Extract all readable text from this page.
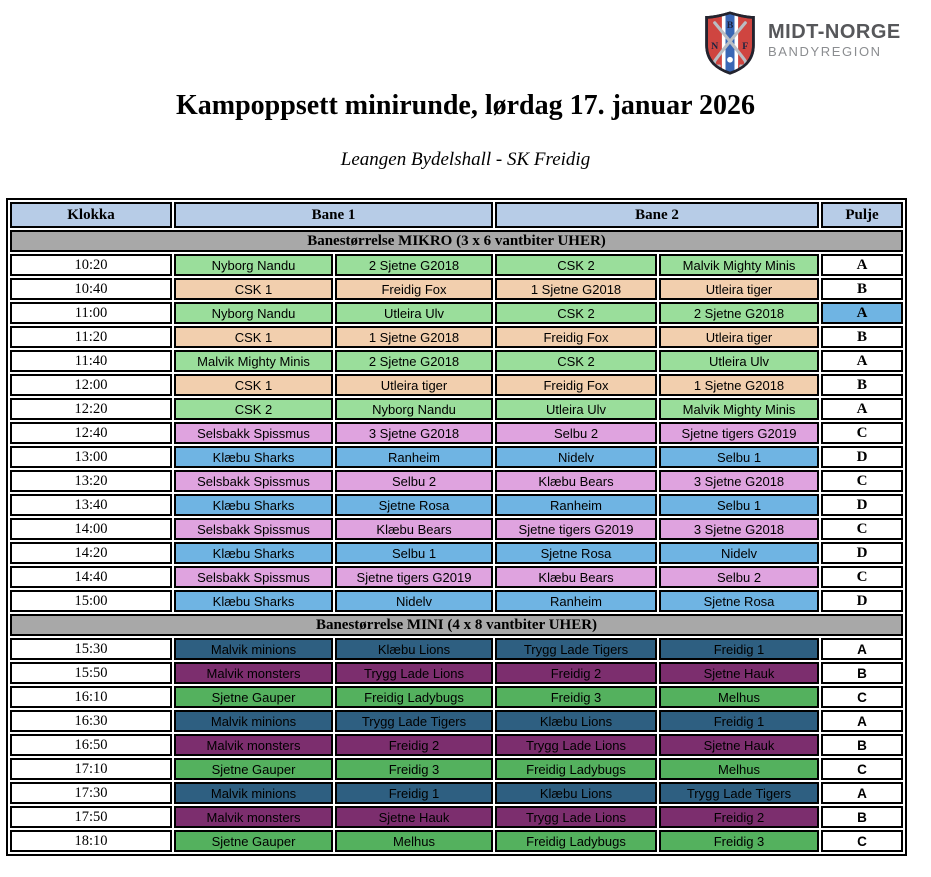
B
N F
MIDT-NORGE
BANDYREGION
Kampoppsett minirunde, lørdag 17. januar 2026
Leangen Bydelshall - SK Freidig
Klokka	Bane 1		Bane 2		Pulje
Banestørrelse MIKRO (3 x 6 vantbiter UHER)					
10:20	Nyborg Nandu	2 Sjetne G2018	CSK 2	Malvik Mighty Minis	A
10:40	CSK 1	Freidig Fox	1 Sjetne G2018	Utleira tiger	B
11:00	Nyborg Nandu	Utleira Ulv	CSK 2	2 Sjetne G2018	A
11:20	CSK 1	1 Sjetne G2018	Freidig Fox	Utleira tiger	B
11:40	Malvik Mighty Minis	2 Sjetne G2018	CSK 2	Utleira Ulv	A
12:00	CSK 1	Utleira tiger	Freidig Fox	1 Sjetne G2018	B
12:20	CSK 2	Nyborg Nandu	Utleira Ulv	Malvik Mighty Minis	A
12:40	Selsbakk Spissmus	3 Sjetne G2018	Selbu 2	Sjetne tigers G2019	C
13:00	Klæbu Sharks	Ranheim	Nidelv	Selbu 1	D
13:20	Selsbakk Spissmus	Selbu 2	Klæbu Bears	3 Sjetne G2018	C
13:40	Klæbu Sharks	Sjetne Rosa	Ranheim	Selbu 1	D
14:00	Selsbakk Spissmus	Klæbu Bears	Sjetne tigers G2019	3 Sjetne G2018	C
14:20	Klæbu Sharks	Selbu 1	Sjetne Rosa	Nidelv	D
14:40	Selsbakk Spissmus	Sjetne tigers G2019	Klæbu Bears	Selbu 2	C
15:00	Klæbu Sharks	Nidelv	Ranheim	Sjetne Rosa	D
Banestørrelse MINI (4 x 8 vantbiter UHER)					
15:30	Malvik minions	Klæbu Lions	Trygg Lade Tigers	Freidig 1	A
15:50	Malvik monsters	Trygg Lade Lions	Freidig 2	Sjetne Hauk	B
16:10	Sjetne Gauper	Freidig Ladybugs	Freidig 3	Melhus	C
16:30	Malvik minions	Trygg Lade Tigers	Klæbu Lions	Freidig 1	A
16:50	Malvik monsters	Freidig 2	Trygg Lade Lions	Sjetne Hauk	B
17:10	Sjetne Gauper	Freidig 3	Freidig Ladybugs	Melhus	C
17:30	Malvik minions	Freidig 1	Klæbu Lions	Trygg Lade Tigers	A
17:50	Malvik monsters	Sjetne Hauk	Trygg Lade Lions	Freidig 2	B
18:10	Sjetne Gauper	Melhus	Freidig Ladybugs	Freidig 3	C
